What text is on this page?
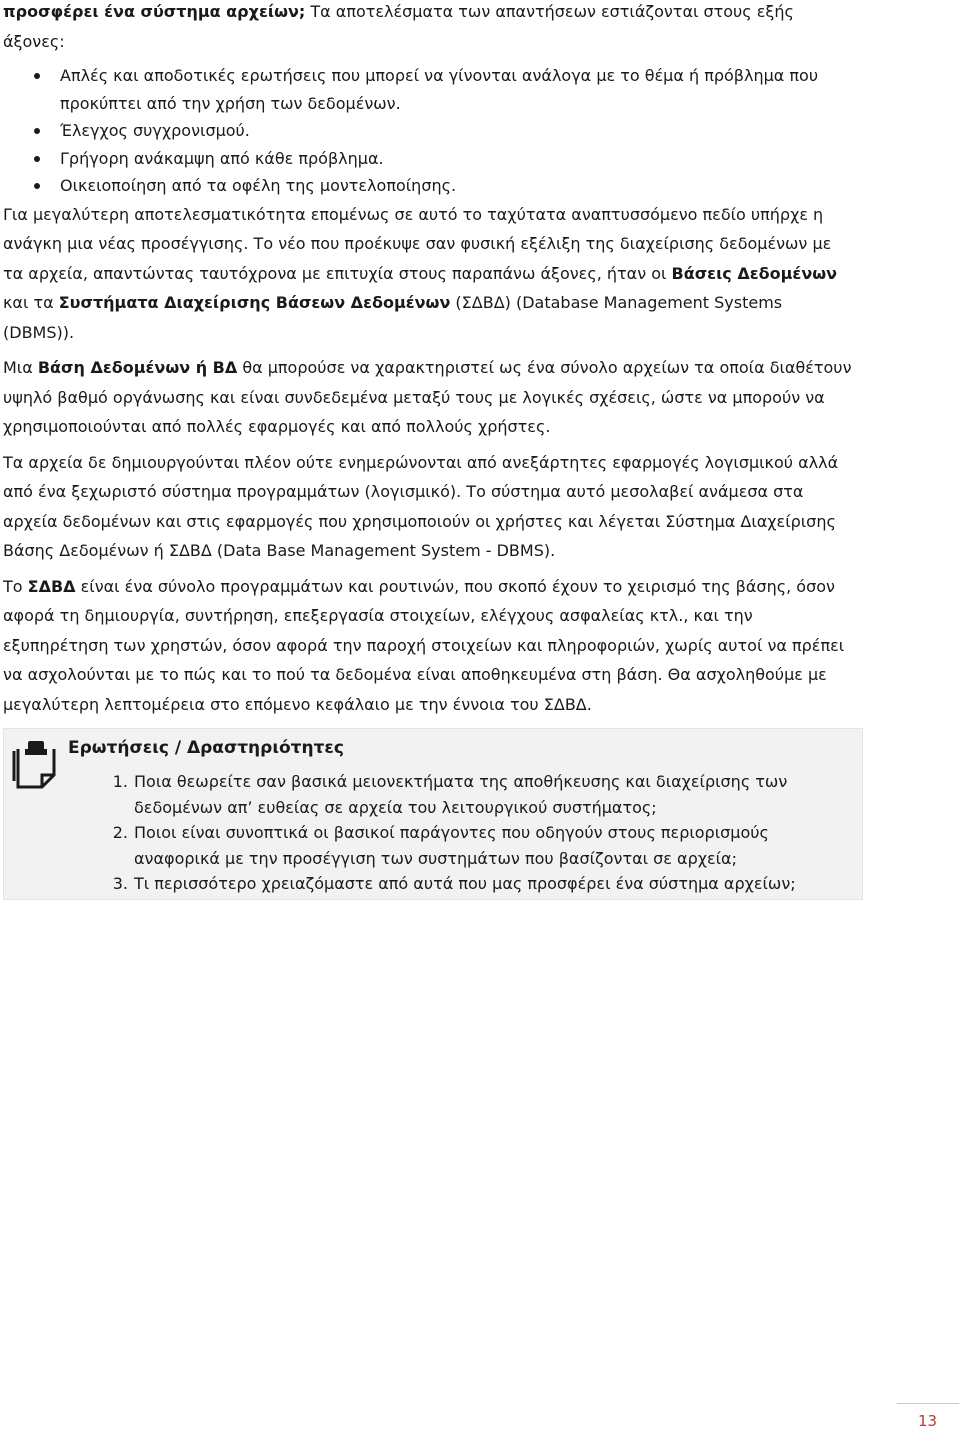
προσφέρει ένα σύστημα αρχείων; Τα αποτελέσματα των απαντήσεων εστιάζονται στους εξής άξονες:

Απλές και αποδοτικές ερωτήσεις που μπορεί να γίνονται ανάλογα με το θέμα ή πρόβλημα που προκύπτει από την χρήση των δεδομένων.
Έλεγχος συγχρονισμού.
Γρήγορη ανάκαμψη από κάθε πρόβλημα.
Οικειοποίηση από τα οφέλη της μοντελοποίησης.

Για μεγαλύτερη αποτελεσματικότητα επομένως σε αυτό το ταχύτατα αναπτυσσόμενο πεδίο υπήρχε η ανάγκη μια νέας προσέγγισης. Το νέο που προέκυψε σαν φυσική εξέλιξη της διαχείρισης δεδομένων με τα αρχεία, απαντώντας ταυτόχρονα με επιτυχία στους παραπάνω άξονες, ήταν οι Βάσεις Δεδομένων και τα Συστήματα Διαχείρισης Βάσεων Δεδομένων (ΣΔΒΔ) (Database Management Systems (DBMS)).

Μια Βάση Δεδομένων ή ΒΔ θα μπορούσε να χαρακτηριστεί ως ένα σύνολο αρχείων τα οποία διαθέτουν υψηλό βαθμό οργάνωσης και είναι συνδεδεμένα μεταξύ τους με λογικές σχέσεις, ώστε να μπορούν να χρησιμοποιούνται από πολλές εφαρμογές και από πολλούς χρήστες.

Τα αρχεία δε δημιουργούνται πλέον ούτε ενημερώνονται από ανεξάρτητες εφαρμογές λογισμικού αλλά από ένα ξεχωριστό σύστημα προγραμμάτων (λογισμικό). Το σύστημα αυτό μεσολαβεί ανάμεσα στα αρχεία δεδομένων και στις εφαρμογές που χρησιμοποιούν οι χρήστες και λέγεται Σύστημα Διαχείρισης Βάσης Δεδομένων ή ΣΔΒΔ (Data Base Management System - DBMS).

Το ΣΔΒΔ είναι ένα σύνολο προγραμμάτων και ρουτινών, που σκοπό έχουν το χειρισμό της βάσης, όσον αφορά τη δημιουργία, συντήρηση, επεξεργασία στοιχείων, ελέγχους ασφαλείας κτλ., και την εξυπηρέτηση των χρηστών, όσον αφορά την παροχή στοιχείων και πληροφοριών, χωρίς αυτοί να πρέπει να ασχολούνται με το πώς και το πού τα δεδομένα είναι αποθηκευμένα στη βάση. Θα ασχοληθούμε με μεγαλύτερη λεπτομέρεια στο επόμενο κεφάλαιο με την έννοια του ΣΔΒΔ.

Ερωτήσεις / Δραστηριότητες
1. Ποια θεωρείτε σαν βασικά μειονεκτήματα της αποθήκευσης και διαχείρισης των δεδομένων απ’ ευθείας σε αρχεία του λειτουργικού συστήματος;
2. Ποιοι είναι συνοπτικά οι βασικοί παράγοντες που οδηγούν στους περιορισμούς αναφορικά με την προσέγγιση των συστημάτων που βασίζονται σε αρχεία;
3. Τι περισσότερο χρειαζόμαστε από αυτά που μας προσφέρει ένα σύστημα αρχείων;
13
